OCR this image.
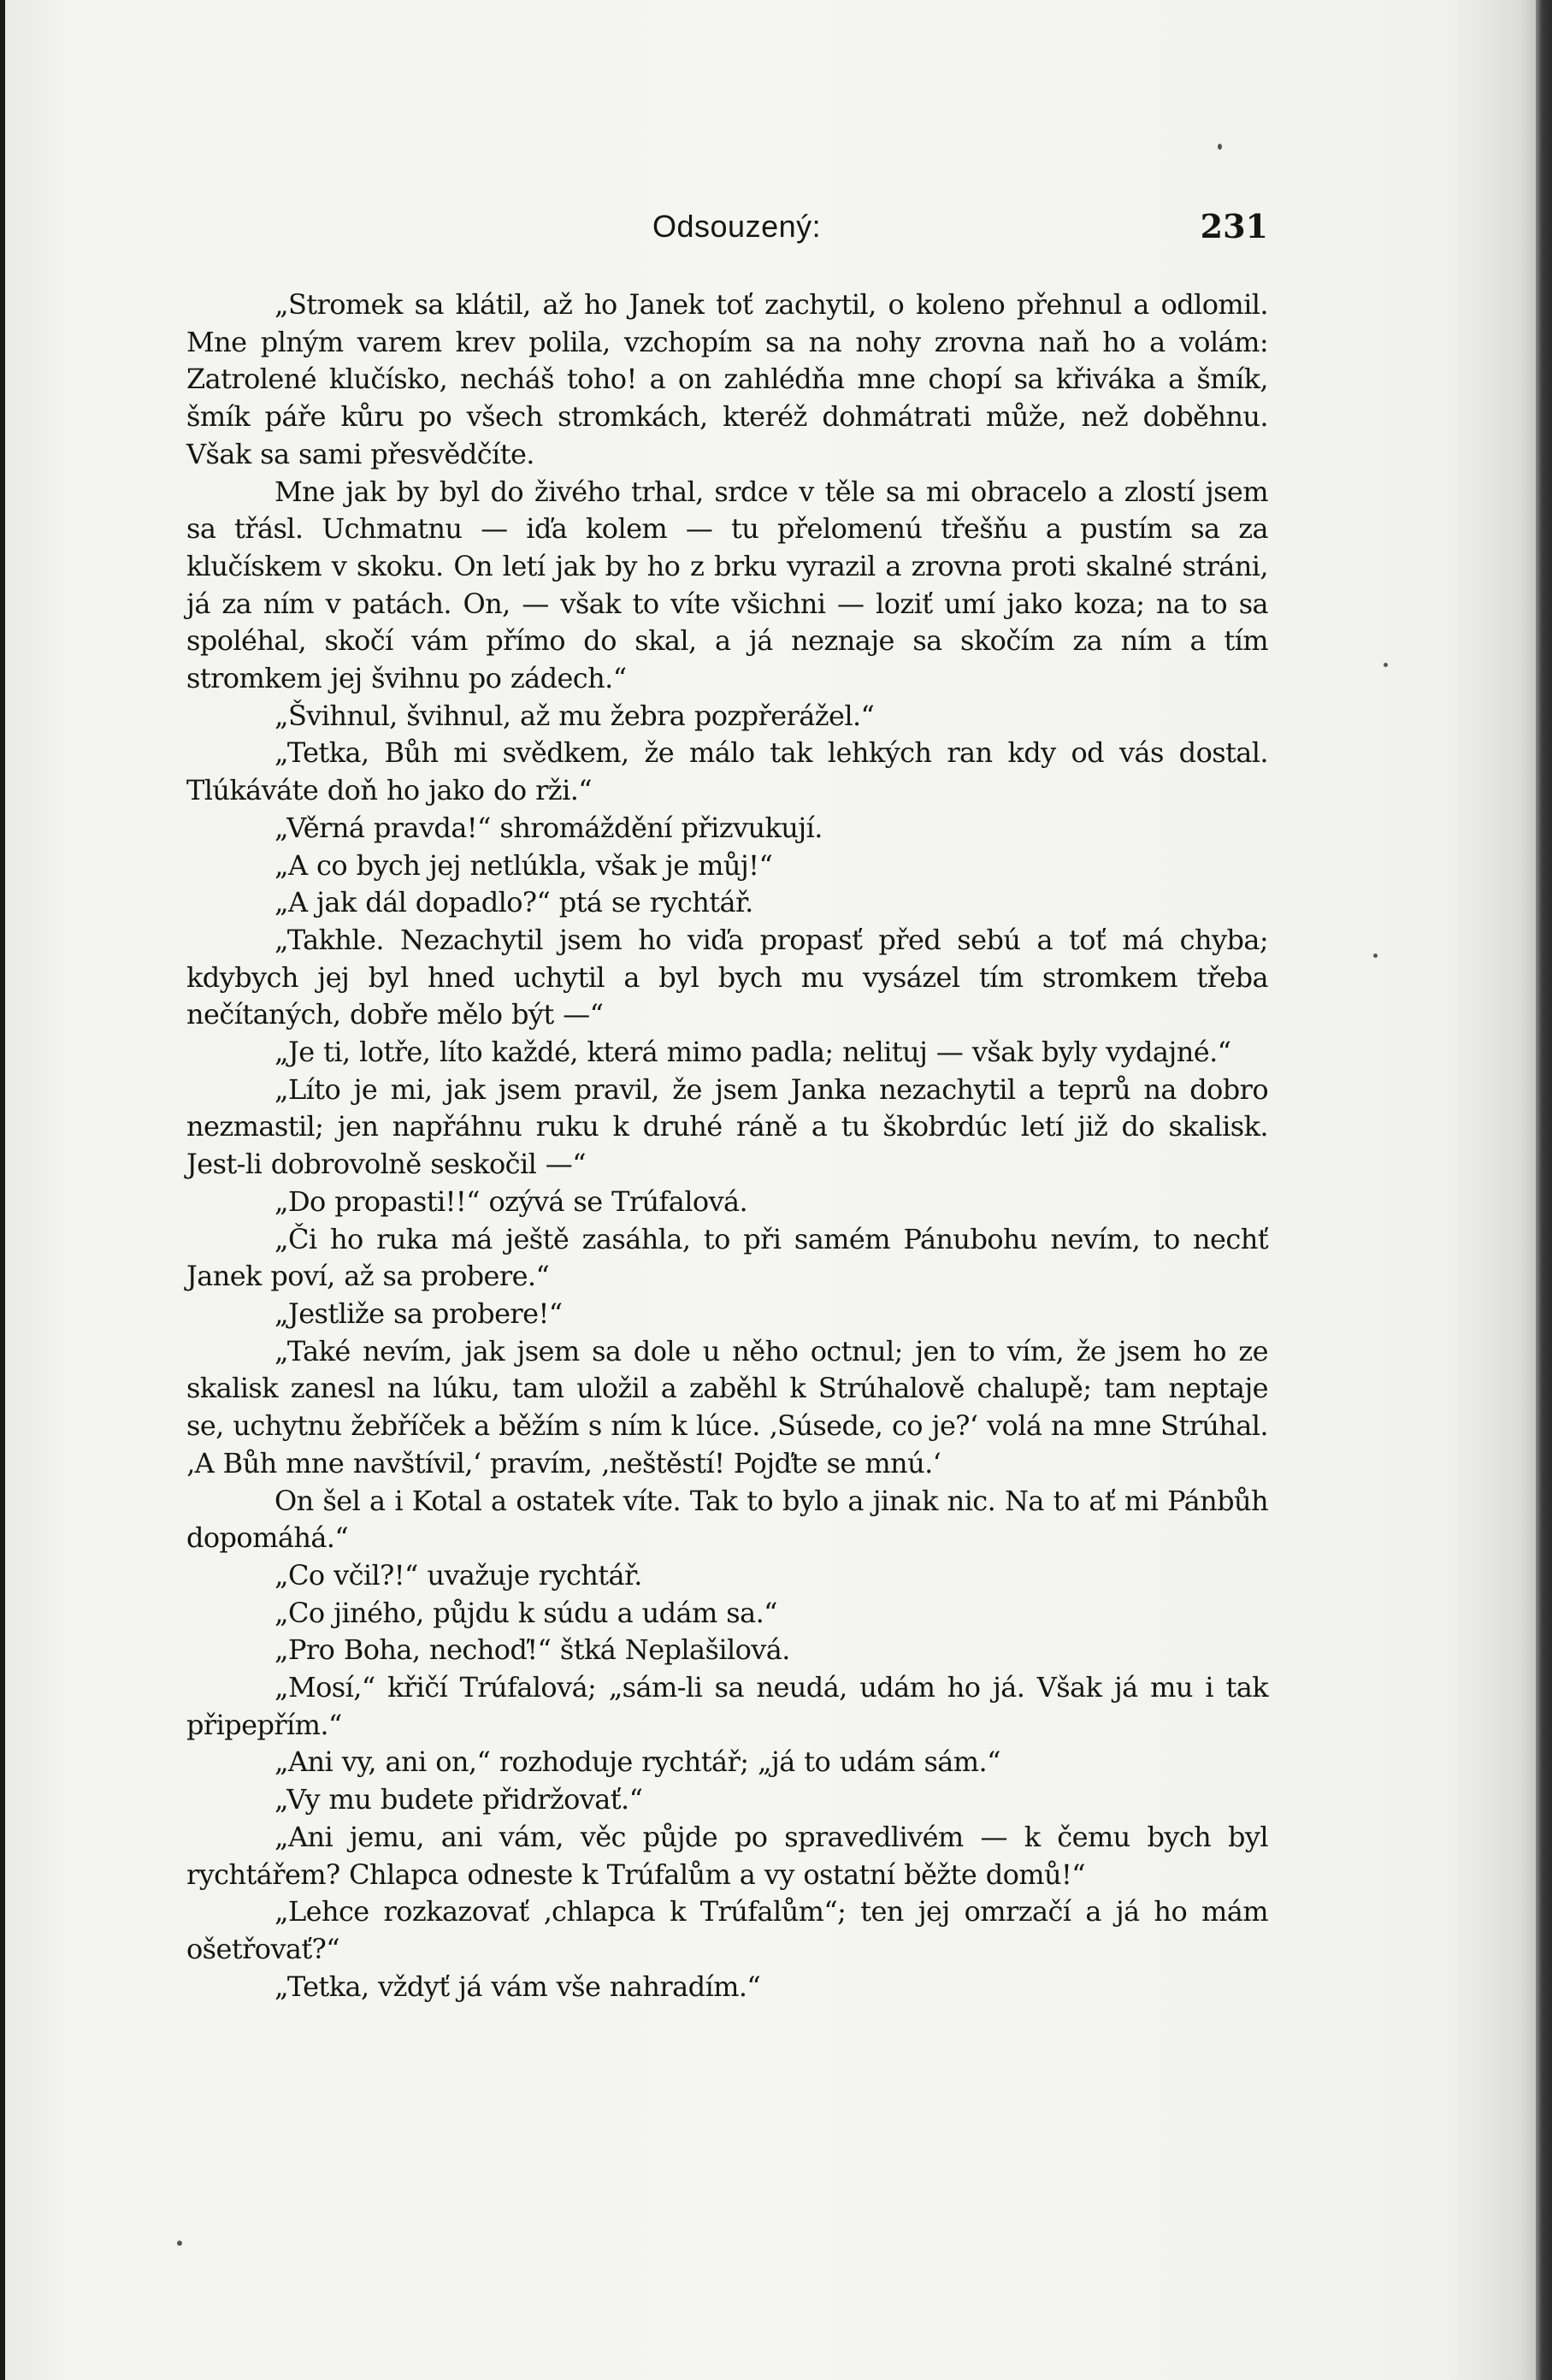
Odsouzený:	231

„Stromek sa klátil, až ho Janek toť zachytil, o koleno přehnul a odlomil. Mne plným varem krev polila, vzchopím sa na nohy zrovna naň ho a volám: Zatrolené klučísko, necháš toho! a on zahlédňa mne chopí sa křiváka a šmík, šmík páře kůru po všech stromkách, kteréž dohmátrati může, než doběhnu. Však sa sami přesvědčíte.

Mne jak by byl do živého trhal, srdce v těle sa mi obracelo a zlostí jsem sa třásl. Uchmatnu — iďa kolem — tu přelomenú třešňu a pustím sa za klučískem v skoku. On letí jak by ho z brku vyrazil a zrovna proti skalné stráni, já za ním v patách. On, — však to víte všichni — loziť umí jako koza; na to sa spoléhal, skočí vám přímo do skal, a já neznaje sa skočím za ním a tím stromkem jej švihnu po zádech.“

„Švihnul, švihnul, až mu žebra pozpřerážel.“

„Tetka, Bůh mi svědkem, že málo tak lehkých ran kdy od vás dostal. Tlúkáváte doň ho jako do rži.“

„Věrná pravda!“ shromáždění přizvukují.

„A co bych jej netlúkla, však je můj!“

„A jak dál dopadlo?“ ptá se rychtář.

„Takhle. Nezachytil jsem ho viďa propasť před sebú a toť má chyba; kdybych jej byl hned uchytil a byl bych mu vysázel tím stromkem třeba nečítaných, dobře mělo být —“

„Je ti, lotře, líto každé, která mimo padla; nelituj — však byly vydajné.“

„Líto je mi, jak jsem pravil, že jsem Janka nezachytil a teprů na dobro nezmastil; jen napřáhnu ruku k druhé ráně a tu škobrdúc letí již do skalisk. Jest-li dobrovolně seskočil —“

„Do propasti!!“ ozývá se Trúfalová.

„Či ho ruka má ještě zasáhla, to při samém Pánubohu nevím, to nechť Janek poví, až sa probere.“

„Jestliže sa probere!“

„Také nevím, jak jsem sa dole u něho octnul; jen to vím, že jsem ho ze skalisk zanesl na lúku, tam uložil a zaběhl k Strúhalově chalupě; tam neptaje se, uchytnu žebříček a běžím s ním k lúce. ‚Súsede, co je?‘ volá na mne Strúhal. ‚A Bůh mne navštívil,‘ pravím, ‚neštěstí! Pojďte se mnú.‘

On šel a i Kotal a ostatek víte. Tak to bylo a jinak nic. Na to ať mi Pánbůh dopomáhá.“

„Co včil?!“ uvažuje rychtář.

„Co jiného, půjdu k súdu a udám sa.“

„Pro Boha, nechoď!“ štká Neplašilová.

„Mosí,“ křičí Trúfalová; „sám-li sa neudá, udám ho já. Však já mu i tak připepřím.“

„Ani vy, ani on,“ rozhoduje rychtář; „já to udám sám.“

„Vy mu budete přidržovať.“

„Ani jemu, ani vám, věc půjde po spravedlivém — k čemu bych byl rychtářem? Chlapca odneste k Trúfalům a vy ostatní běžte domů!“

„Lehce rozkazovať ‚chlapca k Trúfalům“; ten jej omrzačí a já ho mám ošetřovať?“

„Tetka, vždyť já vám vše nahradím.“
